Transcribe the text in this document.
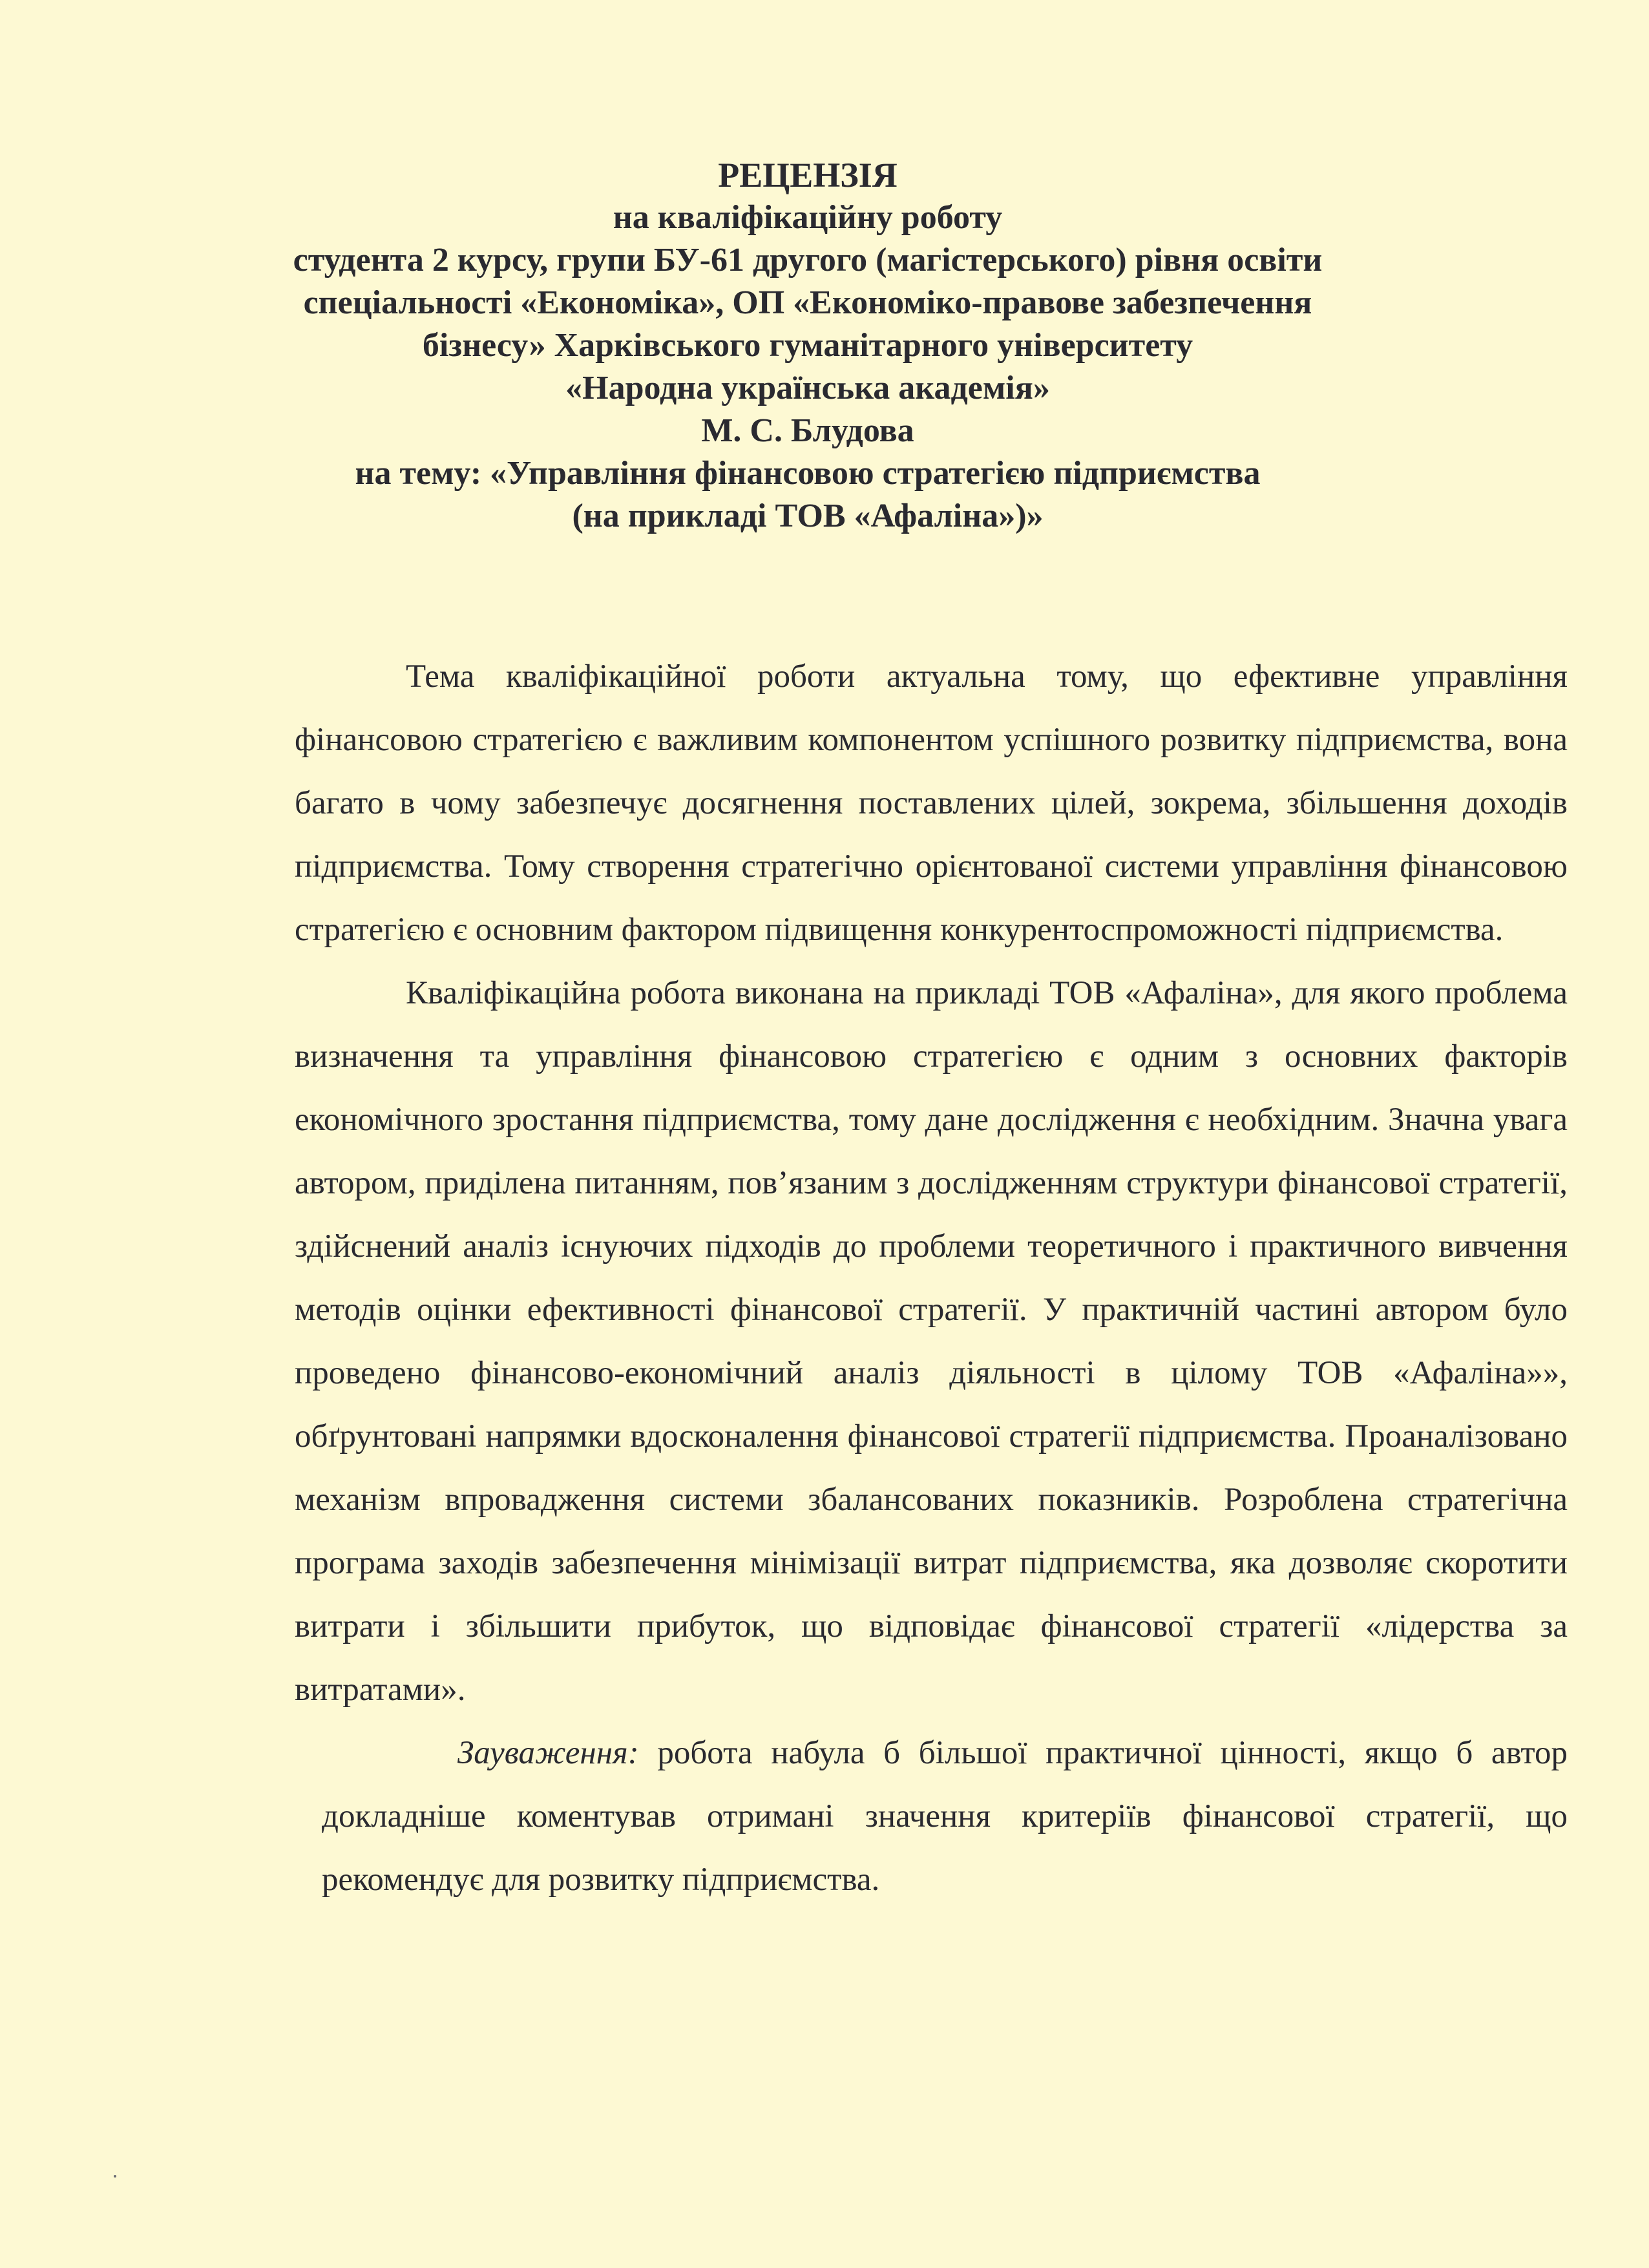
РЕЦЕНЗІЯ
на кваліфікаційну роботу
студента 2 курсу, групи БУ-61 другого (магістерського) рівня освіти
спеціальності «Економіка», ОП «Економіко-правове забезпечення
бізнесу» Харківського гуманітарного університету
«Народна українська академія»
М. С. Блудова
на тему: «Управління фінансовою стратегією підприємства
(на прикладі ТОВ «Афаліна»)»

Тема кваліфікаційної роботи актуальна тому, що ефективне управління фінансовою стратегією є важливим компонентом успішного розвитку підприємства, вона багато в чому забезпечує досягнення поставлених цілей, зокрема, збільшення доходів підприємства. Тому створення стратегічно орієнтованої системи управління фінансовою стратегією є основним фактором підвищення конкурентоспроможності підприємства.

Кваліфікаційна робота виконана на прикладі ТОВ «Афаліна», для якого проблема визначення та управління фінансовою стратегією є одним з основних факторів економічного зростання підприємства, тому дане дослідження є необхідним. Значна увага автором, приділена питанням, пов’язаним з дослідженням структури фінансової стратегії, здійснений аналіз існуючих підходів до проблеми теоретичного і практичного вивчення методів оцінки ефективності фінансової стратегії. У практичній частині автором було проведено фінансово-економічний аналіз діяльності в цілому ТОВ «Афаліна»», обґрунтовані напрямки вдосконалення фінансової стратегії підприємства. Проаналізовано механізм впровадження системи збалансованих показників. Розроблена стратегічна програма заходів забезпечення мінімізації витрат підприємства, яка дозволяє скоротити витрати і збільшити прибуток, що відповідає фінансової стратегії «лідерства за витратами».

Зауваження: робота набула б більшої практичної цінності, якщо б автор докладніше коментував отримані значення критеріїв фінансової стратегії, що рекомендує для розвитку підприємства.
